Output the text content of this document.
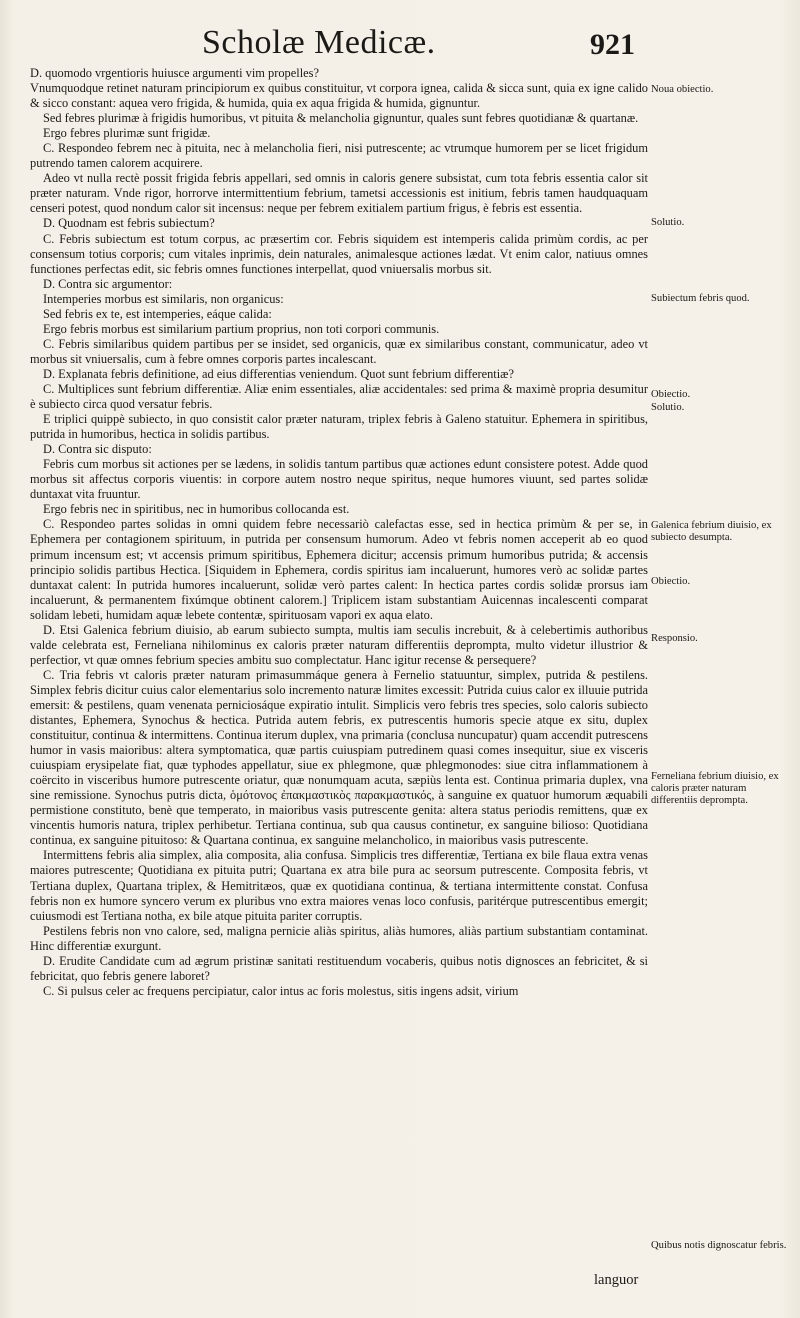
Scholæ Medicæ.	921

D. quomodo vrgentioris huiusce argumenti vim propelles?

Vnumquodque retinet naturam principiorum ex quibus constituitur, vt corpora ignea, calida & sicca sunt, quia ex igne calido & sicco constant: aquea vero frigida, & humida, quia ex aqua frigida & humida, gignuntur.

Sed febres plurimæ à frigidis humoribus, vt pituita & melancholia gignuntur, quales sunt febres quotidianæ & quartanæ.

Ergo febres plurimæ sunt frigidæ.

C. Respondeo febrem nec à pituita, nec à melancholia fieri, nisi putrescente; ac vtrumque humorem per se licet frigidum putrendo tamen calorem acquirere.

Adeo vt nulla rectè possit frigida febris appellari, sed omnis in caloris genere subsistat, cum tota febris essentia calor sit præter naturam. Vnde rigor, horrorve intermittentium febrium, tametsi accessionis est initium, febris tamen haudquaquam censeri potest, quod nondum calor sit incensus: neque per febrem exitialem partium frigus, è febris est essentia.

D. Quodnam est febris subiectum?

C. Febris subiectum est totum corpus, ac præsertim cor. Febris siquidem est intemperis calida primùm cordis, ac per consensum totius corporis; cum vitales inprimis, dein naturales, animalesque actiones lædat. Vt enim calor, natiuus omnes functiones perfectas edit, sic febris omnes functiones interpellat, quod vniuersalis morbus sit.

D. Contra sic argumentor:

Intemperies morbus est similaris, non organicus:

Sed febris ex te, est intemperies, eáque calida:

Ergo febris morbus est similarium partium proprius, non toti corpori communis.

C. Febris similaribus quidem partibus per se insidet, sed organicis, quæ ex similaribus constant, communicatur, adeo vt morbus sit vniuersalis, cum à febre omnes corporis partes incalescant.

D. Explanata febris definitione, ad eius differentias veniendum. Quot sunt febrium differentiæ?

C. Multiplices sunt febrium differentiæ. Aliæ enim essentiales, aliæ accidentales: sed prima & maximè propria desumitur è subiecto circa quod versatur febris.

E triplici quippè subiecto, in quo consistit calor præter naturam, triplex febris à Galeno statuitur. Ephemera in spiritibus, putrida in humoribus, hectica in solidis partibus.

D. Contra sic disputo:

Febris cum morbus sit actiones per se lædens, in solidis tantum partibus quæ actiones edunt consistere potest. Adde quod morbus sit affectus corporis viuentis: in corpore autem nostro neque spiritus, neque humores viuunt, sed partes solidæ duntaxat vita fruuntur.

Ergo febris nec in spiritibus, nec in humoribus collocanda est.

C. Respondeo partes solidas in omni quidem febre necessariò calefactas esse, sed in hectica primùm & per se, in Ephemera per contagionem spirituum, in putrida per consensum humorum. Adeo vt febris nomen acceperit ab eo quod primum incensum est; vt accensis primum spiritibus, Ephemera dicitur; accensis primum humoribus putrida; & accensis principio solidis partibus Hectica. [Siquidem in Ephemera, cordis spiritus iam incaluerunt, humores verò ac solidæ partes duntaxat calent: In putrida humores incaluerunt, solidæ verò partes calent: In hectica partes cordis solidæ prorsus iam incaluerunt, & permanentem fixúmque obtinent calorem.] Triplicem istam substantiam Auicennas incalescenti comparat solidam lebeti, humidam aquæ lebete contentæ, spirituosam vapori ex aqua elato.

D. Etsi Galenica febrium diuisio, ab earum subiecto sumpta, multis iam seculis increbuit, & à celebertimis authoribus valde celebrata est, Ferneliana nihilominus ex caloris præter naturam differentiis deprompta, multo videtur illustrior & perfectior, vt quæ omnes febrium species ambitu suo complectatur. Hanc igitur recense & persequere?

C. Tria febris vt caloris præter naturam primasummáque genera à Fernelio statuuntur, simplex, putrida & pestilens. Simplex febris dicitur cuius calor elementarius solo incremento naturæ limites excessit: Putrida cuius calor ex illuuie putrida emersit: & pestilens, quam venenata perniciosáque expiratio intulit. Simplicis vero febris tres species, solo caloris subiecto distantes, Ephemera, Synochus & hectica. Putrida autem febris, ex putrescentis humoris specie atque ex situ, duplex constituitur, continua & intermittens. Continua iterum duplex, vna primaria (conclusa nuncupatur) quam accendit putrescens humor in vasis maioribus: altera symptomatica, quæ partis cuiuspiam putredinem quasi comes insequitur, siue ex visceris cuiuspiam erysipelate fiat, quæ typhodes appellatur, siue ex phlegmone, quæ phlegmonodes: siue citra inflammationem à coërcito in visceribus humore putrescente oriatur, quæ nonumquam acuta, sæpiùs lenta est. Continua primaria duplex, vna sine remissione. Synochus putris dicta, ὁμότονος ἐπακμαστικὸς παρακμαστικός, à sanguine ex quatuor humorum æquabili permistione constituto, benè que temperato, in maioribus vasis putrescente genita: altera status periodis remittens, quæ ex vincentis humoris natura, triplex perhibetur. Tertiana continua, sub qua causus continetur, ex sanguine bilioso: Quotidiana continua, ex sanguine pituitoso: & Quartana continua, ex sanguine melancholico, in maioribus vasis putrescente.

Intermittens febris alia simplex, alia composita, alia confusa. Simplicis tres differentiæ, Tertiana ex bile flaua extra venas maiores putrescente; Quotidiana ex pituita putri; Quartana ex atra bile pura ac seorsum putrescente. Composita febris, vt Tertiana duplex, Quartana triplex, & Hemitritæos, quæ ex quotidiana continua, & tertiana intermittente constat. Confusa febris non ex humore syncero verum ex pluribus vno extra maiores venas loco confusis, paritérque putrescentibus emergit; cuiusmodi est Tertiana notha, ex bile atque pituita pariter corruptis.

Pestilens febris non vno calore, sed, maligna pernicie aliàs spiritus, aliàs humores, aliàs partium substantiam contaminat. Hinc differentiæ exurgunt.

D. Erudite Candidate cum ad ægrum pristinæ sanitati restituendum vocaberis, quibus notis dignosces an febricitet, & si febricitat, quo febris genere laboret?

C. Si pulsus celer ac frequens percipiatur, calor intus ac foris molestus, sitis ingens adsit, virium

Noua obiectio.
Solutio.
Subiectum febris quod.
Obiectio.
Solutio.
Galenica febrium diuisio, ex subiecto desumpta.
Obiectio.
Responsio.
Ferneliana febrium diuisio, ex caloris præter naturam differentiis deprompta.
Quibus notis dignoscatur febris.
languor
